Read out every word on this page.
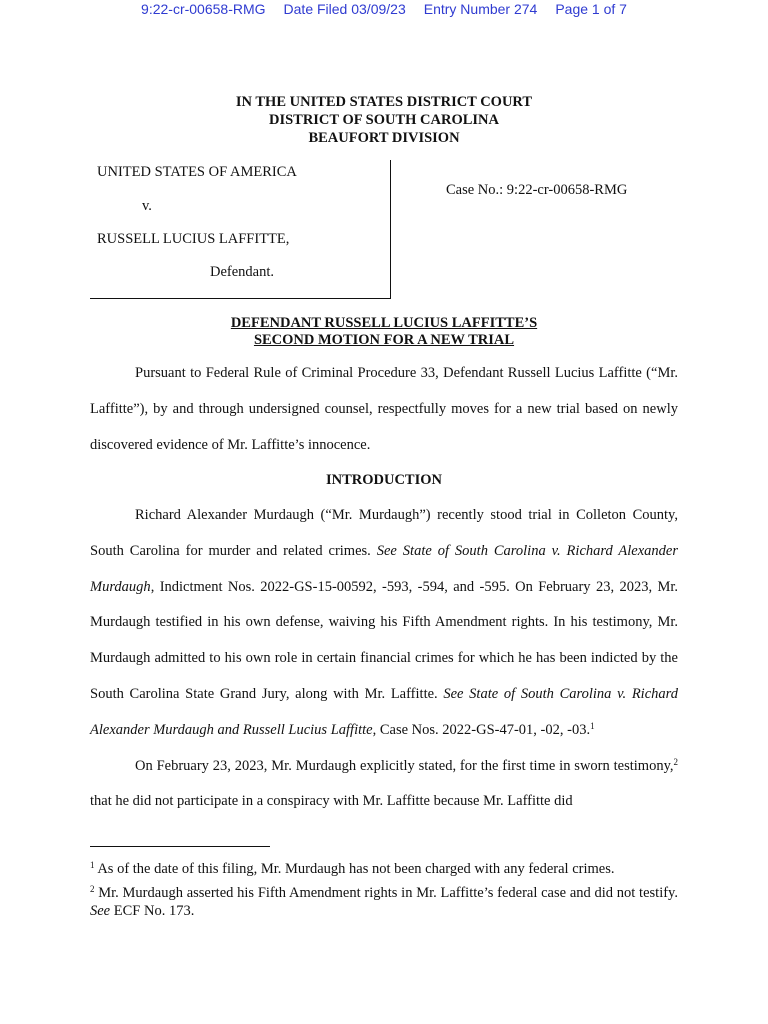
9:22-cr-00658-RMG Date Filed 03/09/23 Entry Number 274 Page 1 of 7
IN THE UNITED STATES DISTRICT COURT
DISTRICT OF SOUTH CAROLINA
BEAUFORT DIVISION
UNITED STATES OF AMERICA
v.
RUSSELL LUCIUS LAFFITTE,
Defendant.
Case No.: 9:22-cr-00658-RMG
DEFENDANT RUSSELL LUCIUS LAFFITTE’S
SECOND MOTION FOR A NEW TRIAL

Pursuant to Federal Rule of Criminal Procedure 33, Defendant Russell Lucius Laffitte (“Mr. Laffitte”), by and through undersigned counsel, respectfully moves for a new trial based on newly discovered evidence of Mr. Laffitte’s innocence.

INTRODUCTION

Richard Alexander Murdaugh (“Mr. Murdaugh”) recently stood trial in Colleton County, South Carolina for murder and related crimes. See State of South Carolina v. Richard Alexander Murdaugh, Indictment Nos. 2022-GS-15-00592, -593, -594, and -595. On February 23, 2023, Mr. Murdaugh testified in his own defense, waiving his Fifth Amendment rights. In his testimony, Mr. Murdaugh admitted to his own role in certain financial crimes for which he has been indicted by the South Carolina State Grand Jury, along with Mr. Laffitte. See State of South Carolina v. Richard Alexander Murdaugh and Russell Lucius Laffitte, Case Nos. 2022-GS-47-01, -02, -03.$^1$

On February 23, 2023, Mr. Murdaugh explicitly stated, for the first time in sworn testimony,$^2$ that he did not participate in a conspiracy with Mr. Laffitte because Mr. Laffitte did

$^1$ As of the date of this filing, Mr. Murdaugh has not been charged with any federal crimes.

$^2$ Mr. Murdaugh asserted his Fifth Amendment rights in Mr. Laffitte’s federal case and did not testify. See ECF No. 173.
